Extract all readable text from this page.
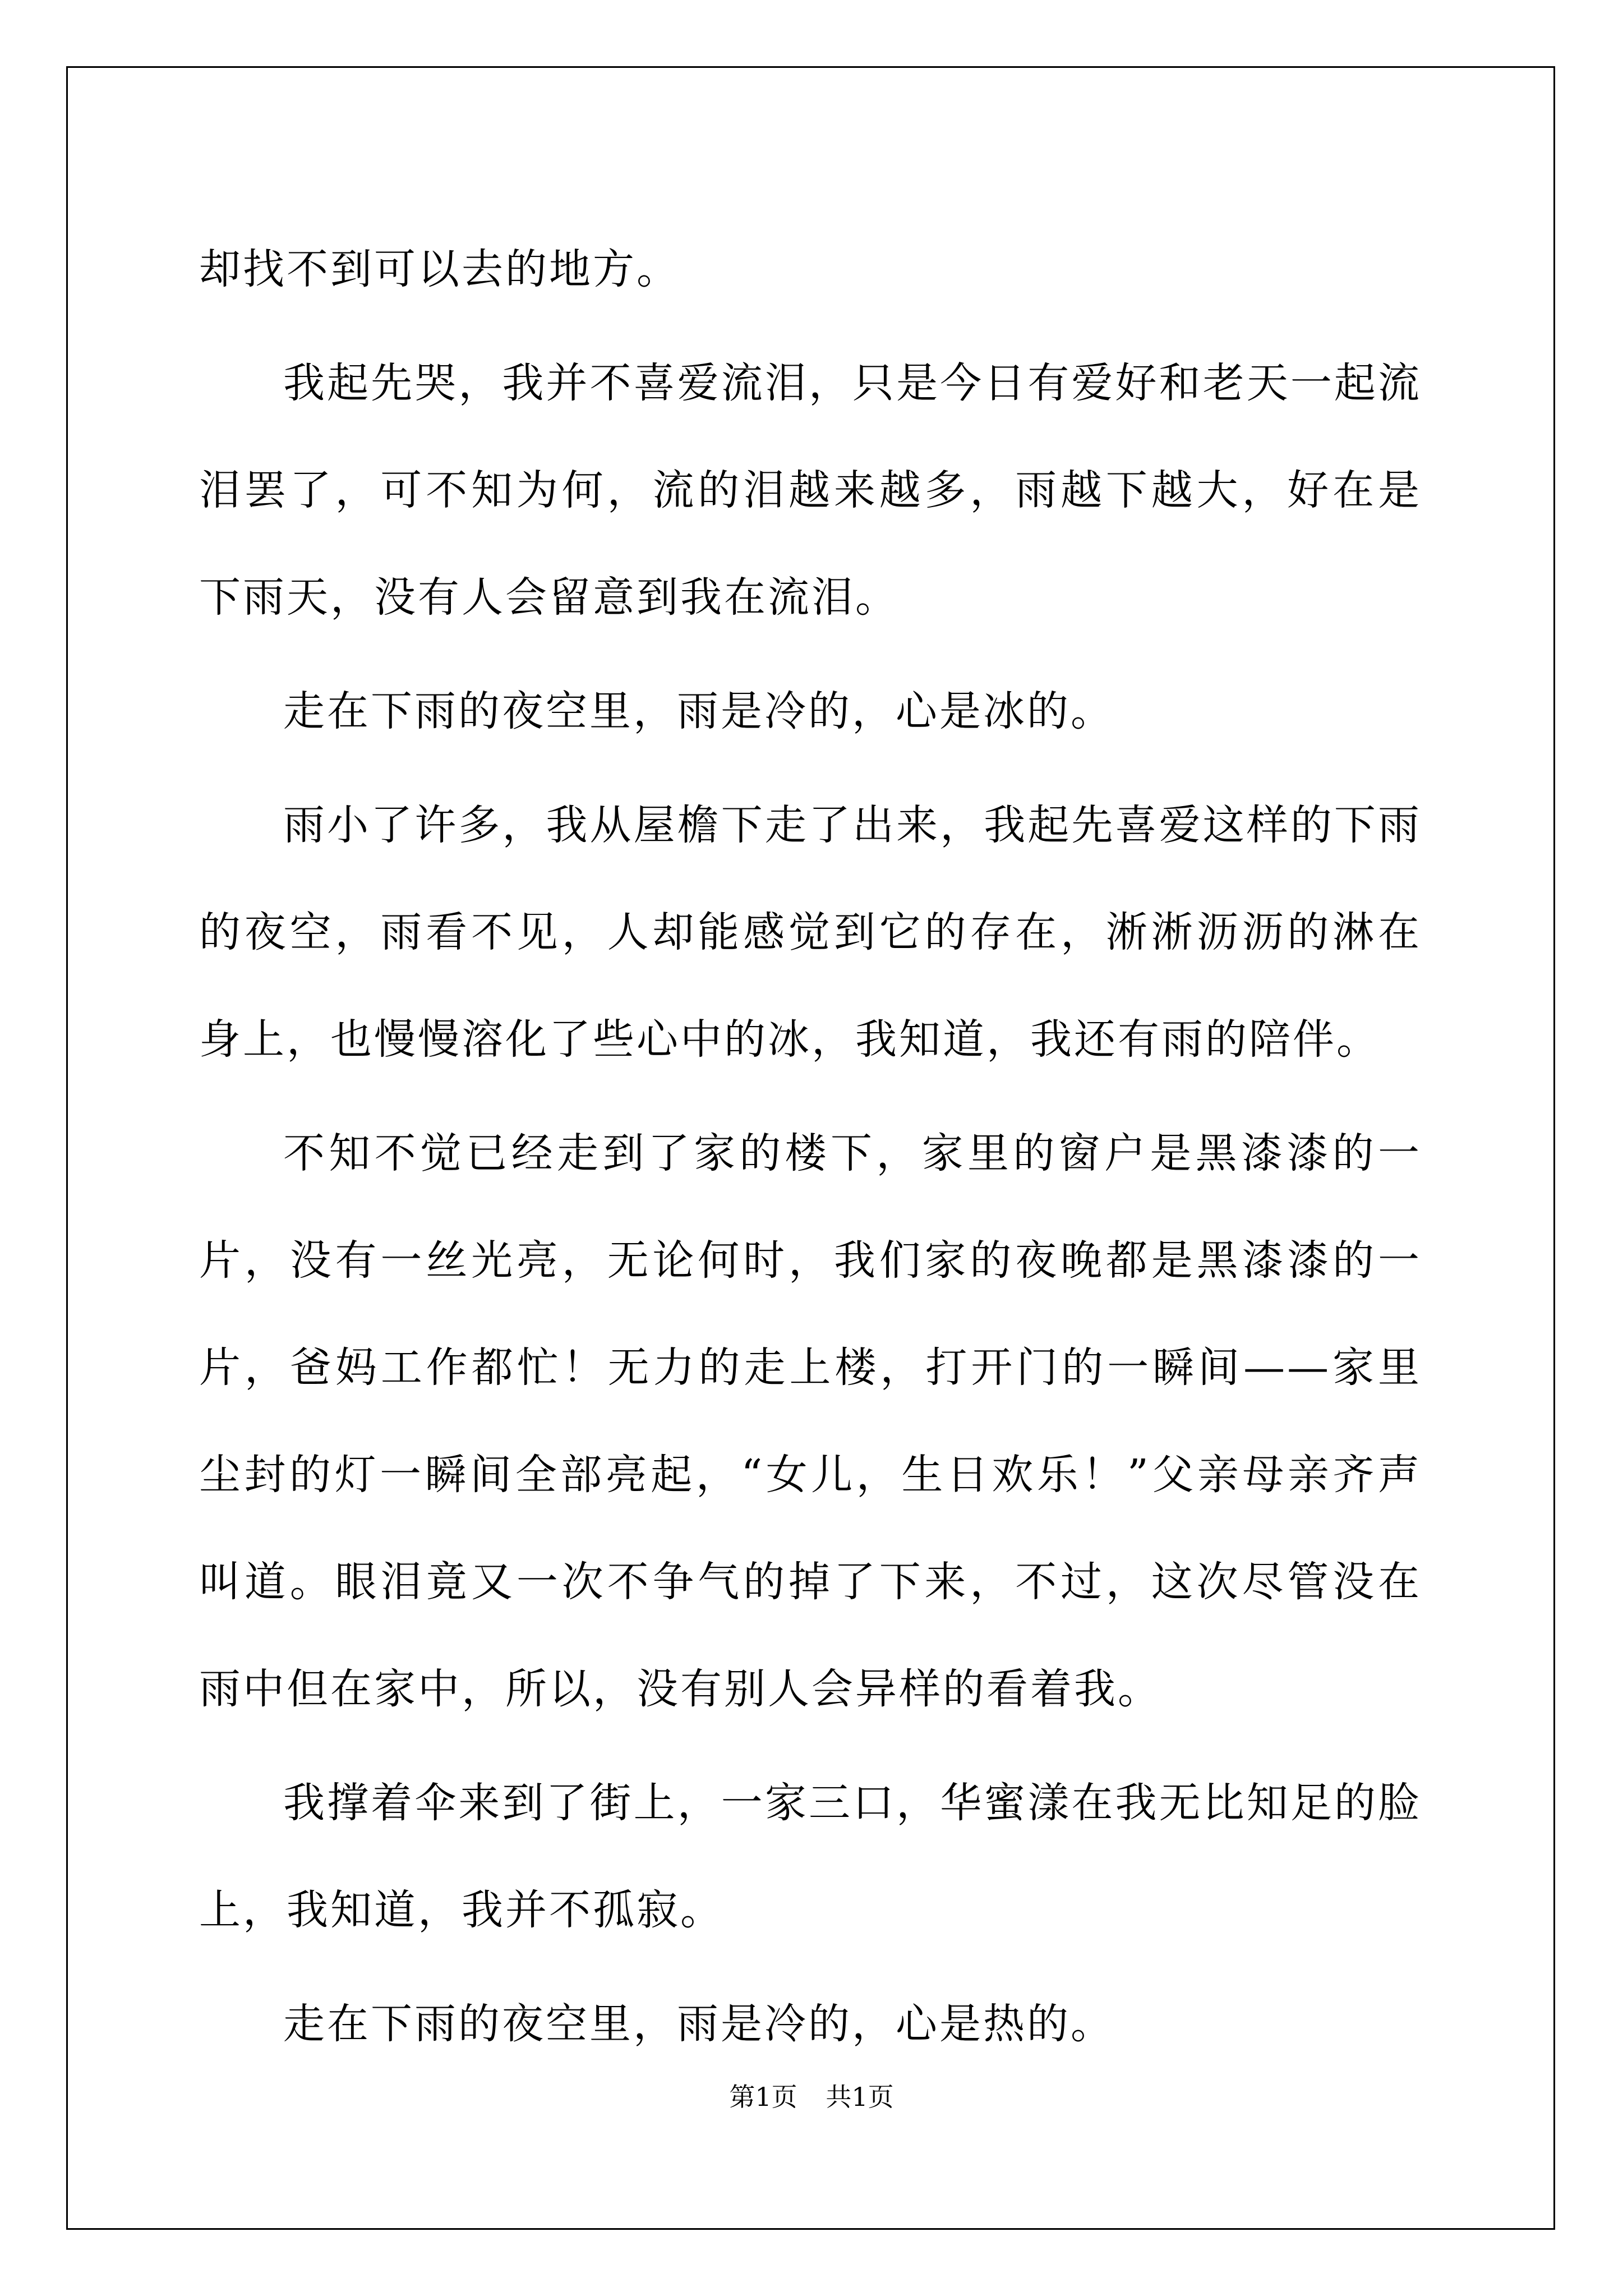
却找不到可以去的地方。

我起先哭，我并不喜爱流泪，只是今日有爱好和老天一起流泪罢了，可不知为何，流的泪越来越多，雨越下越大，好在是下雨天，没有人会留意到我在流泪。

走在下雨的夜空里，雨是冷的，心是冰的。

雨小了许多，我从屋檐下走了出来，我起先喜爱这样的下雨的夜空，雨看不见，人却能感觉到它的存在，淅淅沥沥的淋在身上，也慢慢溶化了些心中的冰，我知道，我还有雨的陪伴。

不知不觉已经走到了家的楼下，家里的窗户是黑漆漆的一片，没有一丝光亮，无论何时，我们家的夜晚都是黑漆漆的一片，爸妈工作都忙！无力的走上楼，打开门的一瞬间——家里尘封的灯一瞬间全部亮起，“女儿，生日欢乐！”父亲母亲齐声叫道。眼泪竟又一次不争气的掉了下来，不过，这次尽管没在雨中但在家中，所以，没有别人会异样的看着我。

我撑着伞来到了街上，一家三口，华蜜漾在我无比知足的脸上，我知道，我并不孤寂。

走在下雨的夜空里，雨是冷的，心是热的。

第1页 共1页
